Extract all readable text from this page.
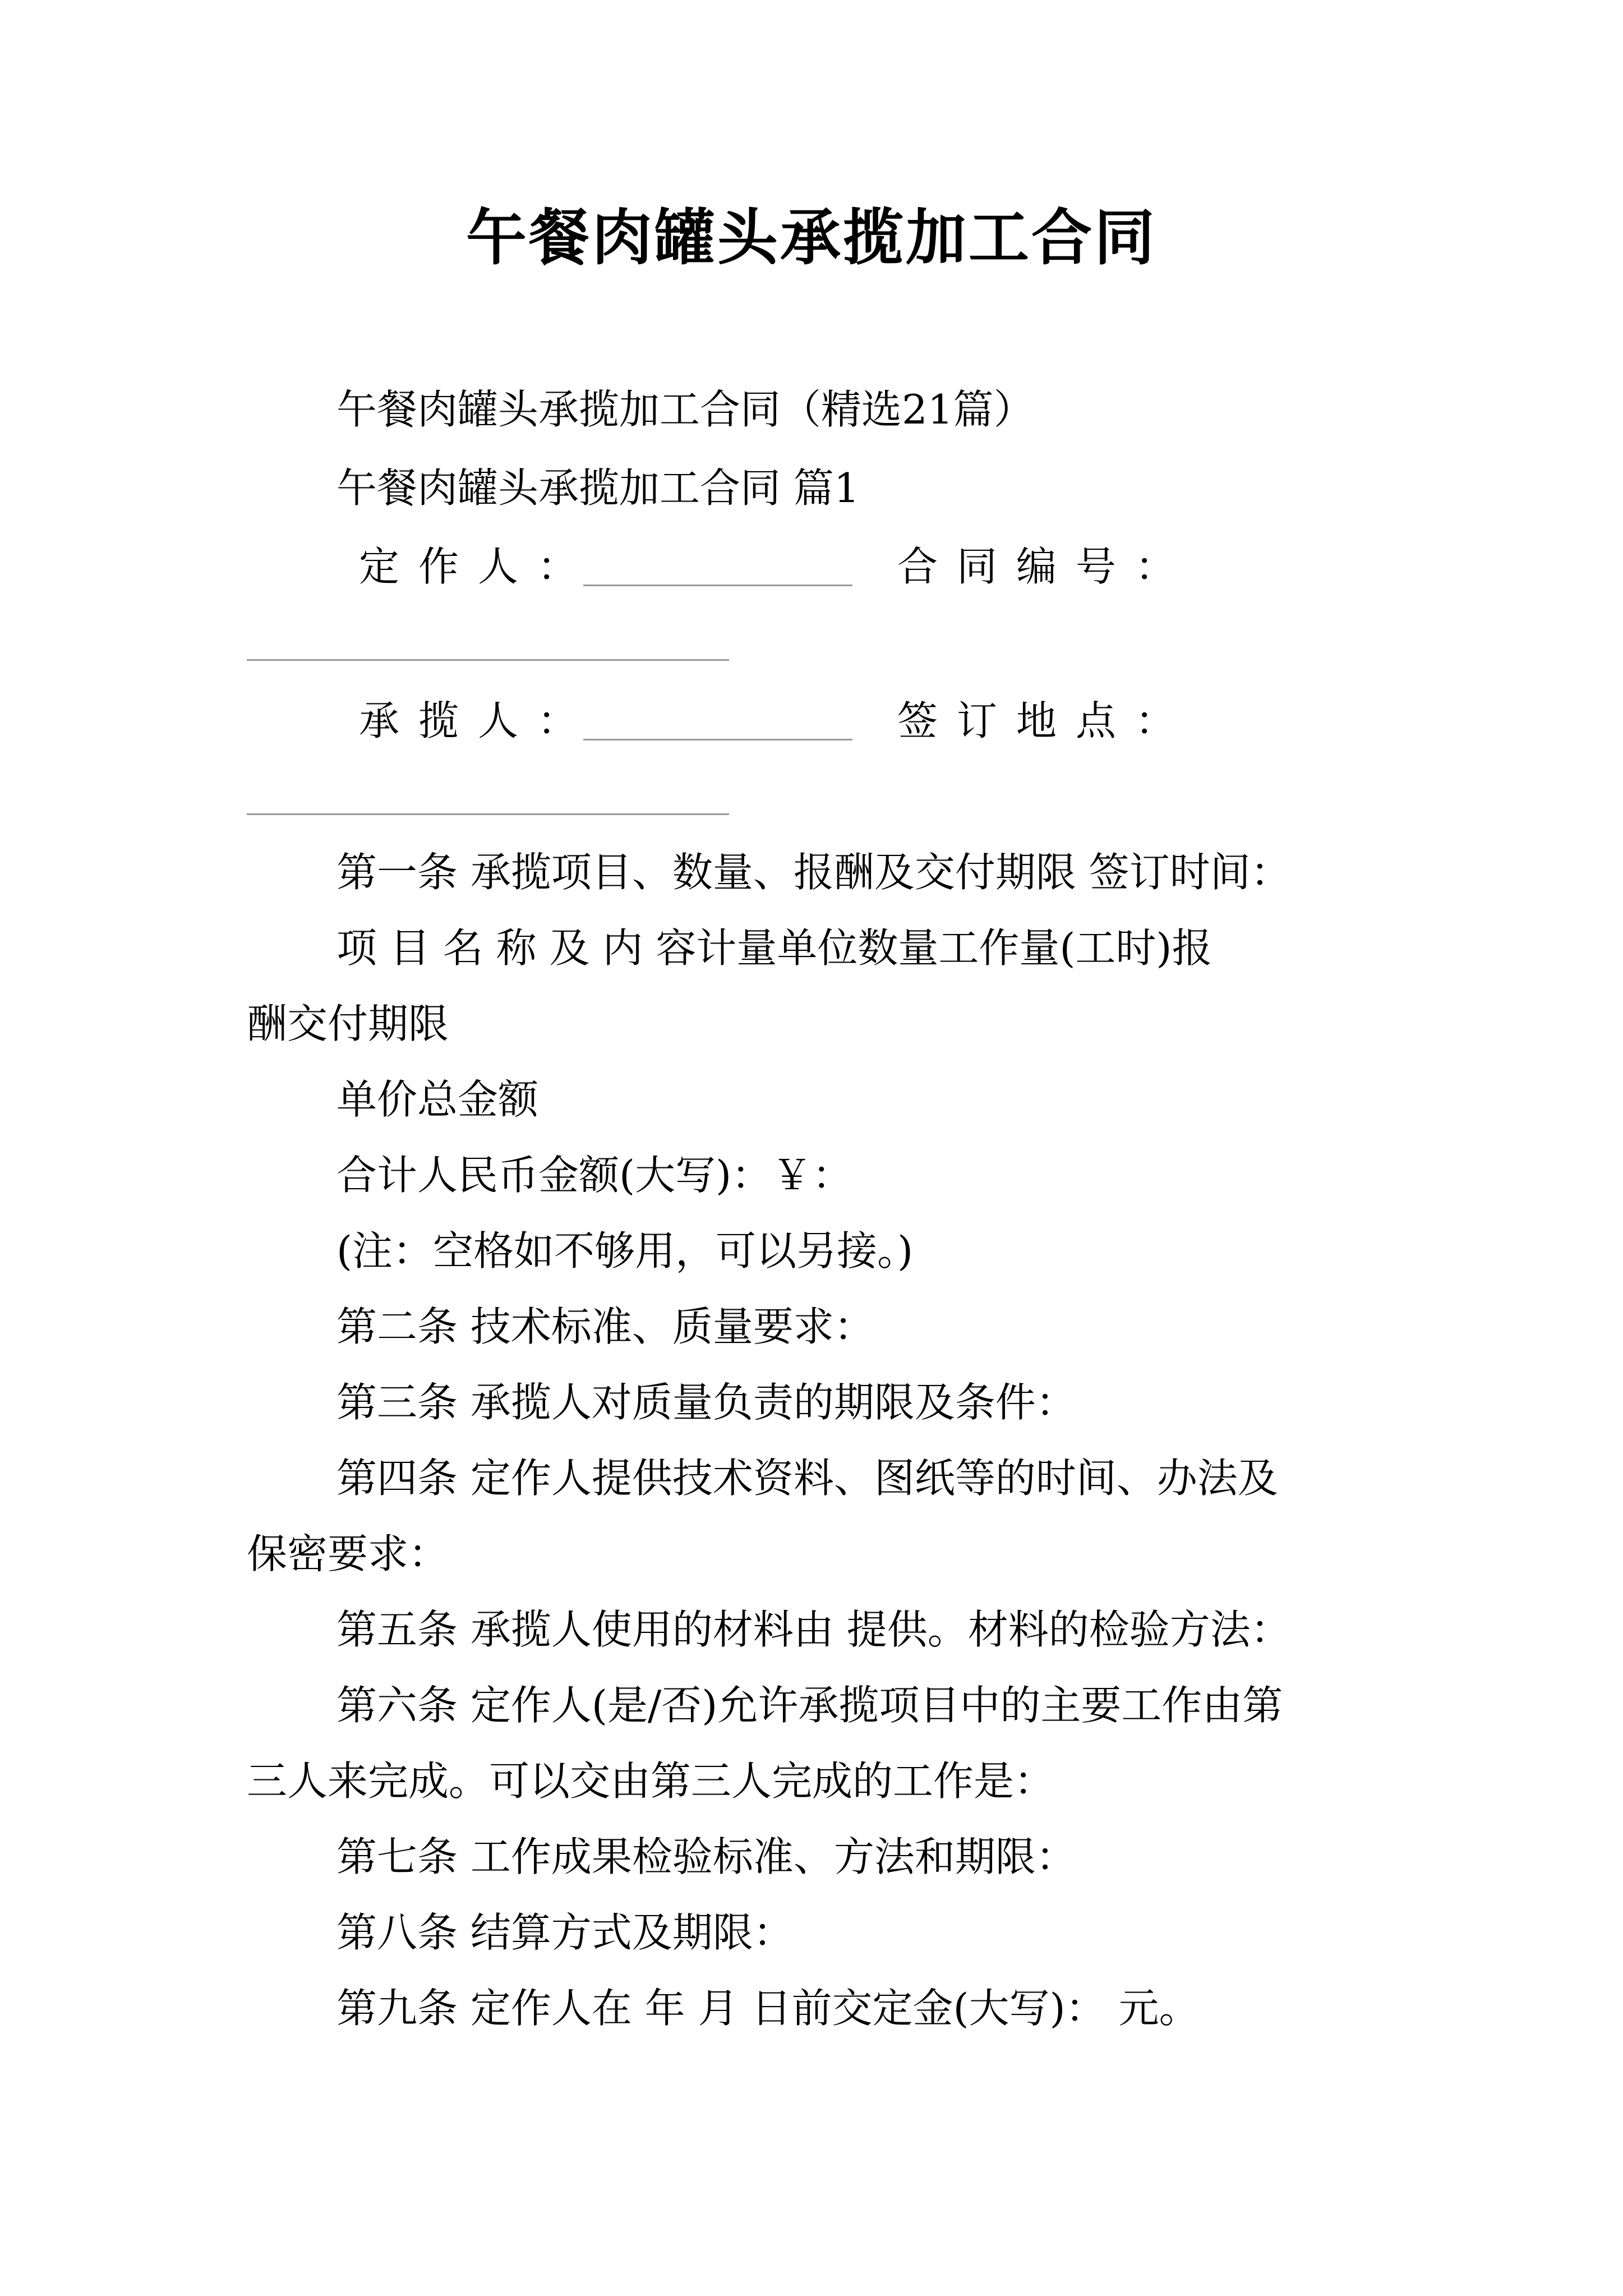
午餐肉罐头承揽加工合同
午餐肉罐头承揽加工合同（精选21篇）
午餐肉罐头承揽加工合同 篇1
定作人：	合同编号：
承揽人：	签订地点：
第一条 承揽项目、数量、报酬及交付期限 签订时间：
项 目 名 称 及 内 容计量单位数量工作量(工时)报
酬交付期限
单价总金额
合计人民币金额(大写)：￥：
(注：空格如不够用，可以另接。)
第二条 技术标准、质量要求：
第三条 承揽人对质量负责的期限及条件：
第四条 定作人提供技术资料、图纸等的时间、办法及
保密要求：
第五条 承揽人使用的材料由 提供。材料的检验方法：
第六条 定作人(是/否)允许承揽项目中的主要工作由第
三人来完成。可以交由第三人完成的工作是：
第七条 工作成果检验标准、方法和期限：
第八条 结算方式及期限：
第九条 定作人在 年 月 日前交定金(大写)： 元。
